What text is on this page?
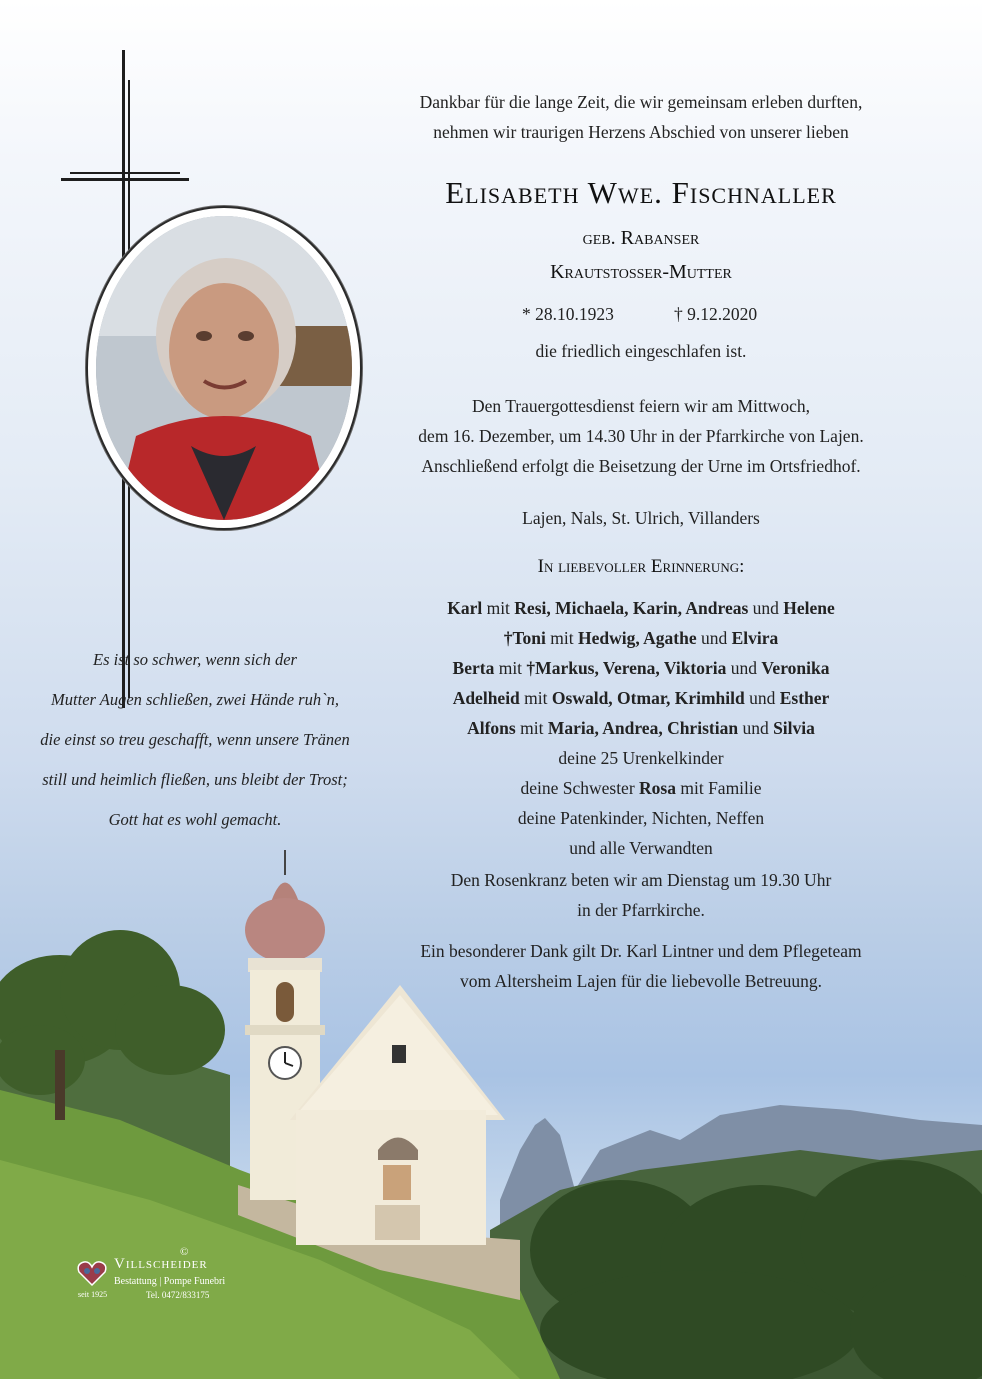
Dankbar für die lange Zeit, die wir gemeinsam erleben durften,
nehmen wir traurigen Herzens Abschied von unserer lieben
Elisabeth Wwe. Fischnaller
geb. Rabanser
Krautstoßer-Mutter
* 28.10.1923	† 9.12.2020
die friedlich eingeschlafen ist.
Den Trauergottesdienst feiern wir am Mittwoch,
dem 16. Dezember, um 14.30 Uhr in der Pfarrkirche von Lajen.
Anschließend erfolgt die Beisetzung der Urne im Ortsfriedhof.
Lajen, Nals, St. Ulrich, Villanders
In liebevoller Erinnerung:
Karl mit Resi, Michaela, Karin, Andreas und Helene
†Toni mit Hedwig, Agathe und Elvira
Berta mit †Markus, Verena, Viktoria und Veronika
Adelheid mit Oswald, Otmar, Krimhild und Esther
Alfons mit Maria, Andrea, Christian und Silvia
deine 25 Urenkelkinder
deine Schwester Rosa mit Familie
deine Patenkinder, Nichten, Neffen
und alle Verwandten
Den Rosenkranz beten wir am Dienstag um 19.30 Uhr
in der Pfarrkirche.
Ein besonderer Dank gilt Dr. Karl Lintner und dem Pflegeteam
vom Altersheim Lajen für die liebevolle Betreuung.
Es ist so schwer, wenn sich der
Mutter Augen schließen, zwei Hände ruh`n,
die einst so treu geschafft, wenn unsere Tränen
still und heimlich fließen, uns bleibt der Trost;
Gott hat es wohl gemacht.
©
Villscheider
Bestattung | Pompe Funebri
seit 1925	Tel. 0472/833175
